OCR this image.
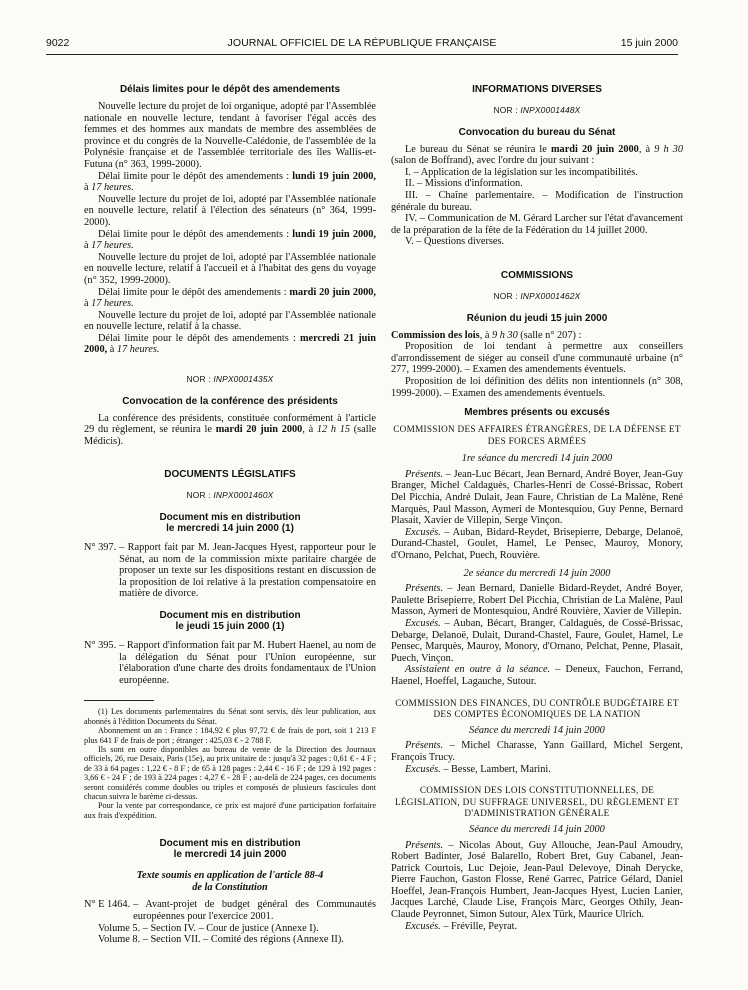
9022	JOURNAL OFFICIEL DE LA RÉPUBLIQUE FRANÇAISE	15 juin 2000
Délais limites pour le dépôt des amendements

Nouvelle lecture du projet de loi organique, adopté par l'Assemblée nationale en nouvelle lecture, tendant à favoriser l'égal accès des femmes et des hommes aux mandats de membre des assemblées de province et du congrès de la Nouvelle-Calédonie, de l'assemblée de la Polynésie française et de l'assemblée territoriale des îles Wallis-et-Futuna (n° 363, 1999-2000).

Délai limite pour le dépôt des amendements : lundi 19 juin 2000, à 17 heures.

Nouvelle lecture du projet de loi, adopté par l'Assemblée nationale en nouvelle lecture, relatif à l'élection des sénateurs (n° 364, 1999-2000).

Délai limite pour le dépôt des amendements : lundi 19 juin 2000, à 17 heures.

Nouvelle lecture du projet de loi, adopté par l'Assemblée nationale en nouvelle lecture, relatif à l'accueil et à l'habitat des gens du voyage (n° 352, 1999-2000).

Délai limite pour le dépôt des amendements : mardi 20 juin 2000, à 17 heures.

Nouvelle lecture du projet de loi, adopté par l'Assemblée nationale en nouvelle lecture, relatif à la chasse.

Délai limite pour le dépôt des amendements : mercredi 21 juin 2000, à 17 heures.

NOR : INPX0001435X
Convocation de la conférence des présidents

La conférence des présidents, constituée conformément à l'article 29 du règlement, se réunira le mardi 20 juin 2000, à 12 h 15 (salle Médicis).

DOCUMENTS LÉGISLATIFS
NOR : INPX0001460X
Document mis en distribution
le mercredi 14 juin 2000 (1)
N° 397. – Rapport fait par M. Jean-Jacques Hyest, rapporteur pour le Sénat, au nom de la commission mixte paritaire chargée de proposer un texte sur les dispositions restant en discussion de la proposition de loi relative à la prestation compensatoire en matière de divorce.
Document mis en distribution
le jeudi 15 juin 2000 (1)
N° 395. – Rapport d'information fait par M. Hubert Haenel, au nom de la délégation du Sénat pour l'Union européenne, sur l'élaboration d'une charte des droits fondamentaux de l'Union européenne.

(1) Les documents parlementaires du Sénat sont servis, dès leur publication, aux abonnés à l'édition Documents du Sénat.

Abonnement un an : France : 184,92 € plus 97,72 € de frais de port, soit 1 213 F plus 641 F de frais de port ; étranger : 425,03 € - 2 788 F.

Ils sont en outre disponibles au bureau de vente de la Direction des Journaux officiels, 26, rue Desaix, Paris (15e), au prix unitaire de : jusqu'à 32 pages : 0,61 € - 4 F ; de 33 à 64 pages : 1,22 € - 8 F ; de 65 à 128 pages : 2,44 € - 16 F ; de 129 à 192 pages : 3,66 € - 24 F ; de 193 à 224 pages : 4,27 € - 28 F ; au-delà de 224 pages, ces documents seront considérés comme doubles ou triples et composés de plusieurs fascicules dont chacun suivra le barème ci-dessus.

Pour la vente par correspondance, ce prix est majoré d'une participation forfaitaire aux frais d'expédition.

Document mis en distribution
le mercredi 14 juin 2000
Texte soumis en application de l'article 88-4
de la Constitution
N° E 1464. – Avant-projet de budget général des Communautés européennes pour l'exercice 2001.

Volume 5. – Section IV. – Cour de justice (Annexe I).

Volume 8. – Section VII. – Comité des régions (Annexe II).

INFORMATIONS DIVERSES
NOR : INPX0001448X
Convocation du bureau du Sénat

Le bureau du Sénat se réunira le mardi 20 juin 2000, à 9 h 30 (salon de Boffrand), avec l'ordre du jour suivant :

I. – Application de la législation sur les incompatibilités.

II. – Missions d'information.

III. – Chaîne parlementaire. – Modification de l'instruction générale du bureau.

IV. – Communication de M. Gérard Larcher sur l'état d'avancement de la préparation de la fête de la Fédération du 14 juillet 2000.

V. – Questions diverses.

COMMISSIONS
NOR : INPX0001462X
Réunion du jeudi 15 juin 2000

Commission des lois, à 9 h 30 (salle n° 207) :

Proposition de loi tendant à permettre aux conseillers d'arrondissement de siéger au conseil d'une communauté urbaine (n° 277, 1999-2000). – Examen des amendements éventuels.

Proposition de loi définition des délits non intentionnels (n° 308, 1999-2000). – Examen des amendements éventuels.

Membres présents ou excusés
COMMISSION DES AFFAIRES ÉTRANGÈRES, DE LA DÉFENSE ET DES FORCES ARMÉES
1re séance du mercredi 14 juin 2000

Présents. – Jean-Luc Bécart, Jean Bernard, André Boyer, Jean-Guy Branger, Michel Caldaguès, Charles-Henri de Cossé-Brissac, Robert Del Picchia, André Dulait, Jean Faure, Christian de La Malène, René Marquès, Paul Masson, Aymeri de Montesquiou, Guy Penne, Bernard Plasait, Xavier de Villepin, Serge Vinçon.

Excusés. – Auban, Bidard-Reydet, Brisepierre, Debarge, Delanoë, Durand-Chastel, Goulet, Hamel, Le Pensec, Mauroy, Monory, d'Ornano, Pelchat, Puech, Rouvière.

2e séance du mercredi 14 juin 2000

Présents. – Jean Bernard, Danielle Bidard-Reydet, André Boyer, Paulette Brisepierre, Robert Del Picchia, Christian de La Malène, Paul Masson, Aymeri de Montesquiou, André Rouvière, Xavier de Villepin.

Excusés. – Auban, Bécart, Branger, Caldaguès, de Cossé-Brissac, Debarge, Delanoë, Dulait, Durand-Chastel, Faure, Goulet, Hamel, Le Pensec, Marquès, Mauroy, Monory, d'Ornano, Pelchat, Penne, Plasait, Puech, Vinçon.

Assistaient en outre à la séance. – Deneux, Fauchon, Ferrand, Haenel, Hoeffel, Lagauche, Sutour.

COMMISSION DES FINANCES, DU CONTRÔLE BUDGÉTAIRE ET DES COMPTES ÉCONOMIQUES DE LA NATION
Séance du mercredi 14 juin 2000

Présents. – Michel Charasse, Yann Gaillard, Michel Sergent, François Trucy.

Excusés. – Besse, Lambert, Marini.

COMMISSION DES LOIS CONSTITUTIONNELLES, DE LÉGISLATION, DU SUFFRAGE UNIVERSEL, DU RÈGLEMENT ET D'ADMINISTRATION GÉNÉRALE
Séance du mercredi 14 juin 2000

Présents. – Nicolas About, Guy Allouche, Jean-Paul Amoudry, Robert Badinter, José Balarello, Robert Bret, Guy Cabanel, Jean-Patrick Courtois, Luc Dejoie, Jean-Paul Delevoye, Dinah Derycke, Pierre Fauchon, Gaston Flosse, René Garrec, Patrice Gélard, Daniel Hoeffel, Jean-François Humbert, Jean-Jacques Hyest, Lucien Lanier, Jacques Larché, Claude Lise, François Marc, Georges Othily, Jean-Claude Peyronnet, Simon Sutour, Alex Türk, Maurice Ulrich.

Excusés. – Fréville, Peyrat.
